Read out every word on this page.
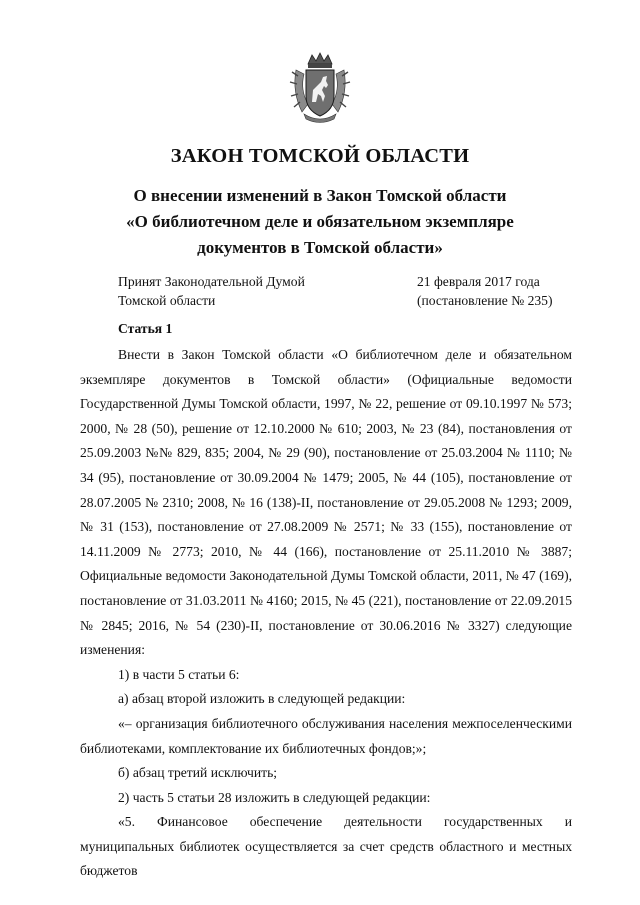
ЗАКОН ТОМСКОЙ ОБЛАСТИ
О внесении изменений в Закон Томской области
«О библиотечном деле и обязательном экземпляре
документов в Томской области»
Принят Законодательной Думой
Томской области
21 февраля 2017 года
(постановление № 235)
Статья 1

Внести в Закон Томской области «О библиотечном деле и обязательном экземпляре документов в Томской области» (Официальные ведомости Государственной Думы Томской области, 1997, № 22, решение от 09.10.1997 № 573; 2000, № 28 (50), решение от 12.10.2000 № 610; 2003, № 23 (84), постановления от 25.09.2003 №№ 829, 835; 2004, № 29 (90), постановление от 25.03.2004 № 1110; № 34 (95), постановление от 30.09.2004 № 1479; 2005, № 44 (105), постановление от 28.07.2005 № 2310; 2008, № 16 (138)-II, постановление от 29.05.2008 № 1293; 2009, № 31 (153), постановление от 27.08.2009 № 2571; № 33 (155), постановление от 14.11.2009 № 2773; 2010, № 44 (166), постановление от 25.11.2010 № 3887; Официальные ведомости Законодательной Думы Томской области, 2011, № 47 (169), постановление от 31.03.2011 № 4160; 2015, № 45 (221), постановление от 22.09.2015 № 2845; 2016, № 54 (230)-II, постановление от 30.06.2016 № 3327) следующие изменения:

1) в части 5 статьи 6:

а) абзац второй изложить в следующей редакции:

«– организация библиотечного обслуживания населения межпоселенческими библиотеками, комплектование их библиотечных фондов;»;

б) абзац третий исключить;

2) часть 5 статьи 28 изложить в следующей редакции:

«5. Финансовое обеспечение деятельности государственных и муниципальных библиотек осуществляется за счет средств областного и местных бюджетов
